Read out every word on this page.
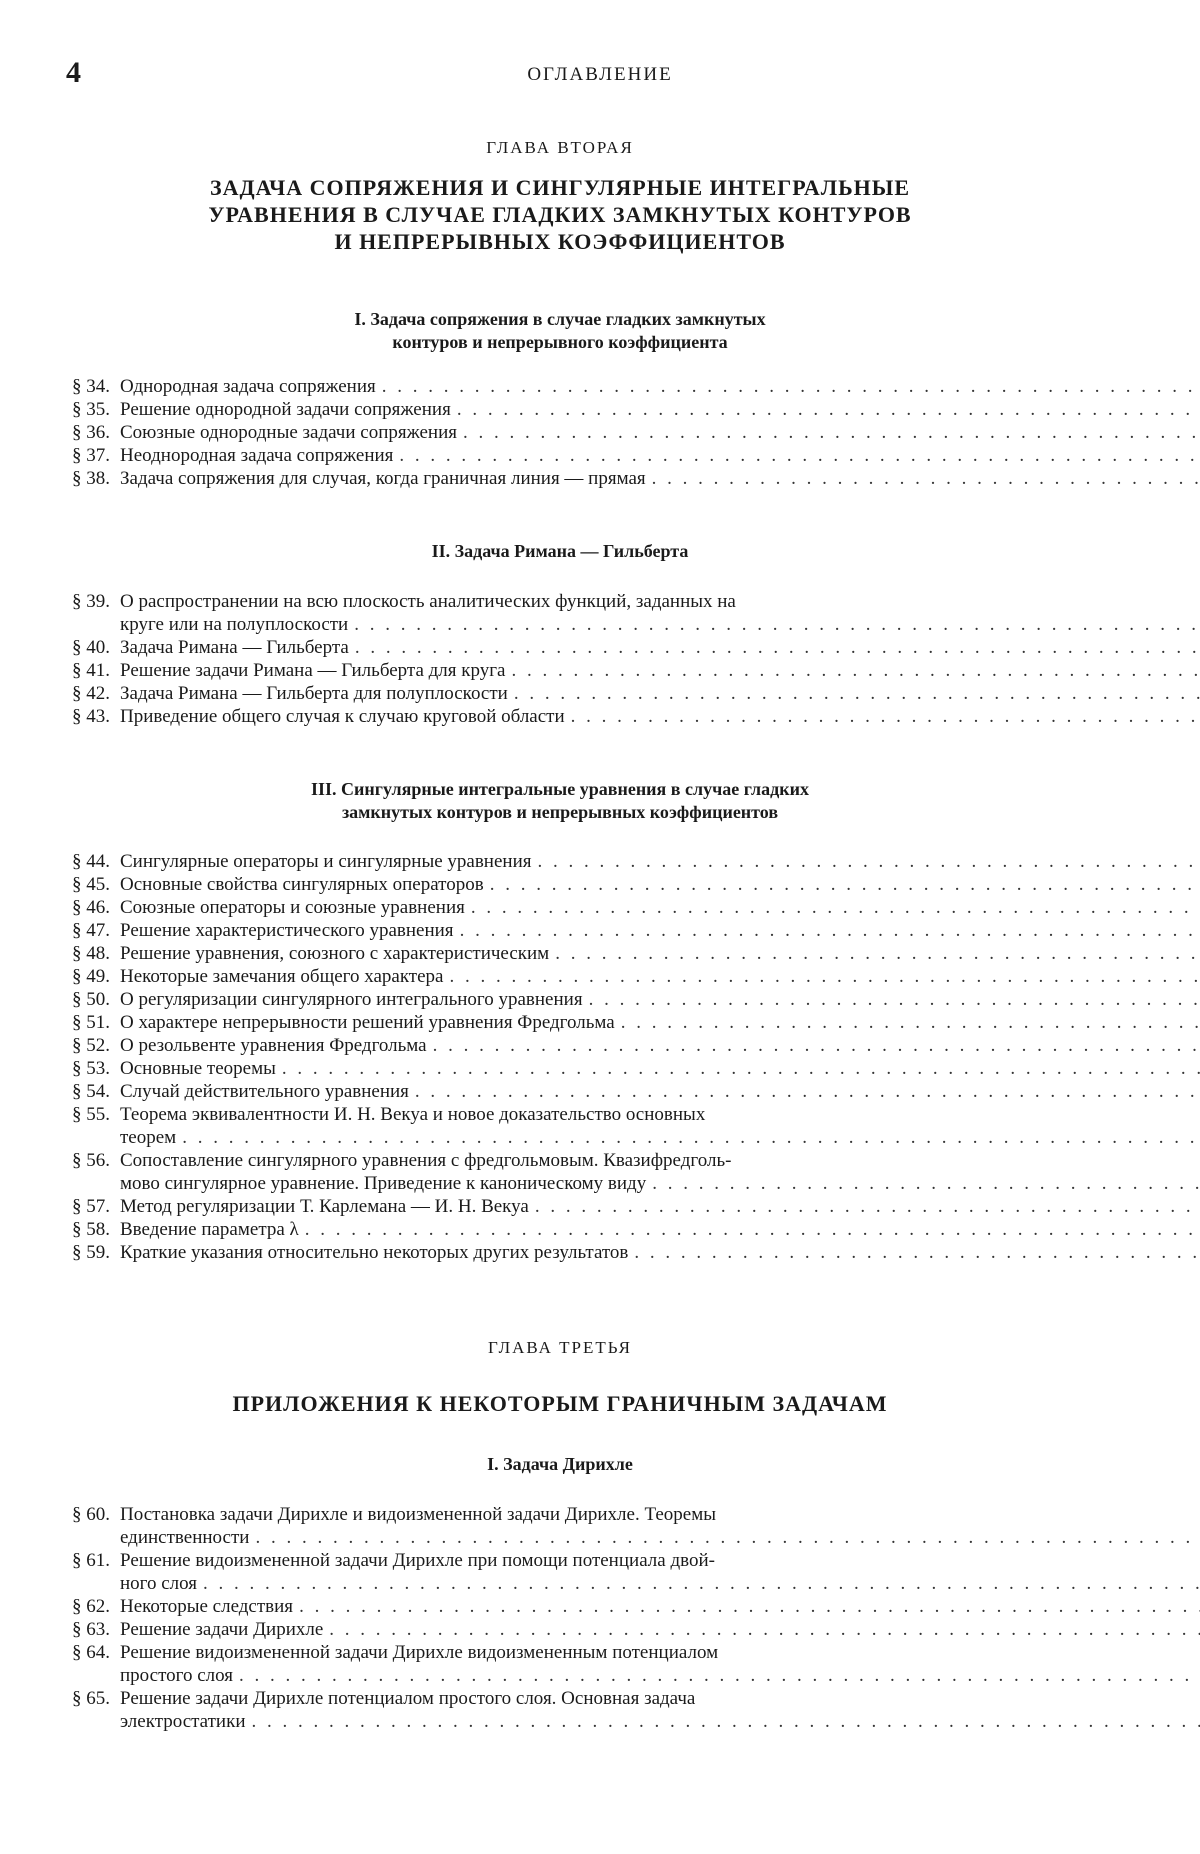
4	ОГЛАВЛЕНИЕ
ГЛАВА ВТОРАЯ
ЗАДАЧА СОПРЯЖЕНИЯ И СИНГУЛЯРНЫЕ ИНТЕГРАЛЬНЫЕ
УРАВНЕНИЯ В СЛУЧАЕ ГЛАДКИХ ЗАМКНУТЫХ КОНТУРОВ
И НЕПРЕРЫВНЫХ КОЭФФИЦИЕНТОВ
I. Задача сопряжения в случае гладких замкнутых
контуров и непрерывного коэффициента
§ 34. Однородная задача сопряжения
. . .
§ 35. Решение однородной задачи сопряжения
. . .
§ 36. Союзные однородные задачи сопряжения
. . .
§ 37. Неоднородная задача сопряжения
. . .
§ 38. Задача сопряжения для случая, когда граничная линия — прямая
. . .
II. Задача Римана — Гильберта
§ 39. О распространении на всю плоскость аналитических функций, заданных на
круге или на полуплоскости
. . .
§ 40. Задача Римана — Гильберта
. . .
§ 41. Решение задачи Римана — Гильберта для круга
. . .
§ 42. Задача Римана — Гильберта для полуплоскости
. . .
§ 43. Приведение общего случая к случаю круговой области
. . .
III. Сингулярные интегральные уравнения в случае гладких
замкнутых контуров и непрерывных коэффициентов
§ 44. Сингулярные операторы и сингулярные уравнения
. . .
§ 45. Основные свойства сингулярных операторов
. . .
§ 46. Союзные операторы и союзные уравнения
. . .
§ 47. Решение характеристического уравнения
. . .
§ 48. Решение уравнения, союзного с характеристическим
. . .
§ 49. Некоторые замечания общего характера
. . .
§ 50. О регуляризации сингулярного интегрального уравнения
. . .
§ 51. О характере непрерывности решений уравнения Фредгольма
. . .
§ 52. О резольвенте уравнения Фредгольма
. . .
§ 53. Основные теоремы
. . .
§ 54. Случай действительного уравнения
. . .
§ 55. Теорема эквивалентности И. Н. Векуа и новое доказательство основных
теорем
. . .
§ 56. Сопоставление сингулярного уравнения с фредгольмовым. Квазифредголь-
мово сингулярное уравнение. Приведение к каноническому виду
. . .
§ 57. Метод регуляризации Т. Карлемана — И. Н. Векуа
. . .
§ 58. Введение параметра λ
. . .
§ 59. Краткие указания относительно некоторых других результатов
. . .
ГЛАВА ТРЕТЬЯ
ПРИЛОЖЕНИЯ К НЕКОТОРЫМ ГРАНИЧНЫМ ЗАДАЧАМ
I. Задача Дирихле
§ 60. Постановка задачи Дирихле и видоизмененной задачи Дирихле. Теоремы
единственности
. . .
§ 61. Решение видоизмененной задачи Дирихле при помощи потенциала двой-
ного слоя
. . .
§ 62. Некоторые следствия
. . .
§ 63. Решение задачи Дирихле
. . .
§ 64. Решение видоизмененной задачи Дирихле видоизмененным потенциалом
простого слоя
. . .
§ 65. Решение задачи Дирихле потенциалом простого слоя. Основная задача
электростатики
. . .
